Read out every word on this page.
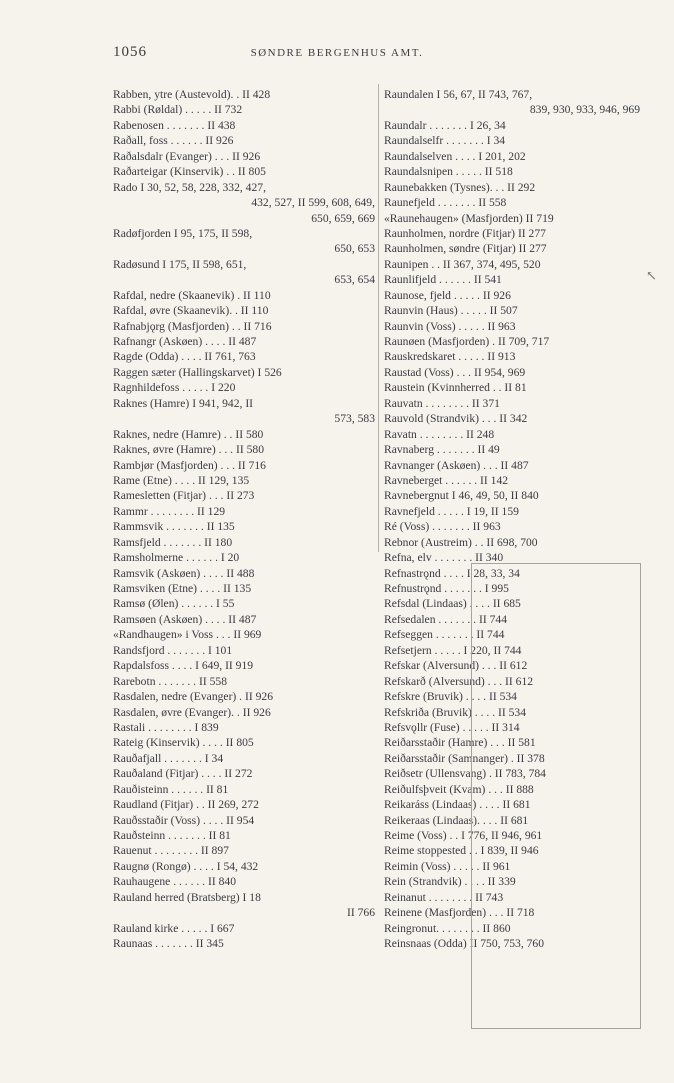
1056	SØNDRE BERGENHUS AMT.
Rabben, ytre (Austevold). . II 428
Rabbi (Røldal) . . . . . II 732
Rabenosen . . . . . . . II 438
Raðall, foss . . . . . . II 926
Raðalsdalr (Evanger) . . . II 926
Raðarteigar (Kinservik) . . II 805
Rado I 30, 52, 58, 228, 332, 427,
432, 527, II 599, 608, 649,
650, 659, 669
Radøfjorden I 95, 175, II 598,
650, 653
Radøsund I 175, II 598, 651,
653, 654
Rafdal, nedre (Skaanevik) . II 110
Rafdal, øvre (Skaanevik). . II 110
Rafnabjǫrg (Masfjorden) . . II 716
Rafnangr (Askøen) . . . . II 487
Ragde (Odda) . . . . II 761, 763
Raggen sæter (Hallingskarvet) I 526
Ragnhildefoss . . . . . I 220
Raknes (Hamre) I 941, 942, II
573, 583
Raknes, nedre (Hamre) . . II 580
Raknes, øvre (Hamre) . . . II 580
Rambjør (Masfjorden) . . . II 716
Rame (Etne) . . . . II 129, 135
Ramesletten (Fitjar) . . . II 273
Rammr . . . . . . . . II 129
Rammsvik . . . . . . . II 135
Ramsfjeld . . . . . . . II 180
Ramsholmerne . . . . . . I 20
Ramsvik (Askøen) . . . . II 488
Ramsviken (Etne) . . . . II 135
Ramsø (Ølen) . . . . . . I 55
Ramsøen (Askøen) . . . . II 487
«Randhaugen» i Voss . . . II 969
Randsfjord . . . . . . . I 101
Rapdalsfoss . . . . I 649, II 919
Rarebotn . . . . . . . II 558
Rasdalen, nedre (Evanger) . II 926
Rasdalen, øvre (Evanger). . II 926
Rastali . . . . . . . . I 839
Rateig (Kinservik) . . . . II 805
Rauðafjall . . . . . . . I 34
Rauðaland (Fitjar) . . . . II 272
Rauðisteinn . . . . . . II 81
Raudland (Fitjar) . . II 269, 272
Rauðsstaðir (Voss) . . . . II 954
Rauðsteinn . . . . . . . II 81
Rauenut . . . . . . . . II 897
Raugnø (Rongø) . . . . I 54, 432
Rauhaugene . . . . . . II 840
Rauland herred (Bratsberg) I 18
II 766
Rauland kirke . . . . . I 667
Raunaas . . . . . . . II 345
Raundalen I 56, 67, II 743, 767,
839, 930, 933, 946, 969
Raundalr . . . . . . . I 26, 34
Raundalselfr . . . . . . . I 34
Raundalselven . . . . I 201, 202
Raundalsnipen . . . . . II 518
Raunebakken (Tysnes). . . II 292
Raunefjeld . . . . . . . II 558
«Raunehaugen» (Masfjorden) II 719
Raunholmen, nordre (Fitjar) II 277
Raunholmen, søndre (Fitjar) II 277
Raunipen . . II 367, 374, 495, 520
Raunlifjeld . . . . . . II 541
Raunose, fjeld . . . . . II 926
Raunvin (Haus) . . . . . II 507
Raunvin (Voss) . . . . . II 963
Raunøen (Masfjorden) . II 709, 717
Rauskredskaret . . . . . II 913
Raustad (Voss) . . . II 954, 969
Raustein (Kvinnherred . . II 81
Rauvatn . . . . . . . . II 371
Rauvold (Strandvik) . . . II 342
Ravatn . . . . . . . . II 248
Ravnaberg . . . . . . . II 49
Ravnanger (Askøen) . . . II 487
Ravneberget . . . . . . II 142
Ravnebergnut I 46, 49, 50, II 840
Ravnefjeld . . . . . I 19, II 159
Ré (Voss) . . . . . . . II 963
Rebnor (Austreim) . . II 698, 700
Refna, elv . . . . . . . II 340
Refnastrǫnd . . . . I 28, 33, 34
Refnustrǫnd . . . . . . . I 995
Refsdal (Lindaas) . . . . II 685
Refsedalen . . . . . . . II 744
Refseggen . . . . . . . II 744
Refsetjern . . . . . I 220, II 744
Refskar (Alversund) . . . II 612
Refskarð (Alversund) . . . II 612
Refskre (Bruvik) . . . . II 534
Refskriða (Bruvik) . . . . II 534
Refsvǫllr (Fuse) . . . . . II 314
Reiðarsstaðir (Hamre) . . . II 581
Reiðarsstaðir (Samnanger) . II 378
Reiðsetr (Ullensvang) . II 783, 784
Reiðulfsþveit (Kvam) . . . II 888
Reikaráss (Lindaas) . . . . II 681
Reikeraas (Lindaas). . . . II 681
Reime (Voss) . . I 776, II 946, 961
Reime stoppested . . I 839, II 946
Reimin (Voss) . . . . . II 961
Rein (Strandvik) . . . . II 339
Reinanut . . . . . . . . II 743
Reinene (Masfjorden) . . . II 718
Reingronut. . . . . . . . II 860
Reinsnaas (Odda) II 750, 753, 760
↖
